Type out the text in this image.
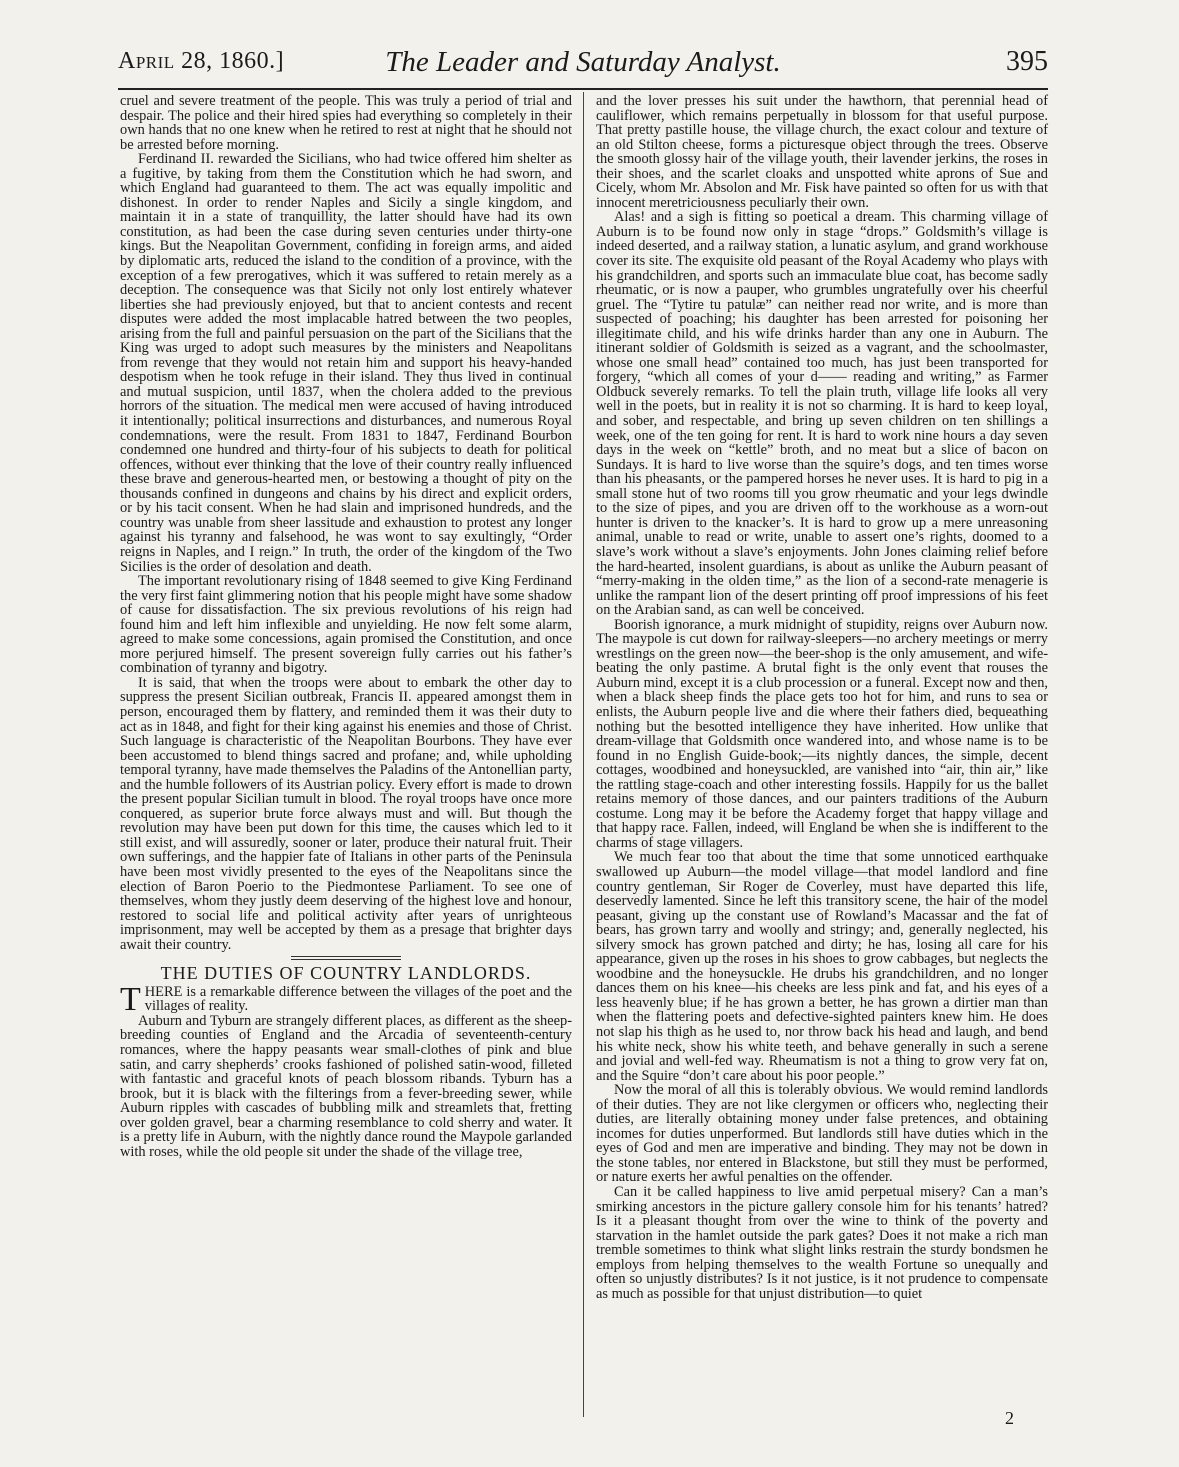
April 28, 1860.]	The Leader and Saturday Analyst.	395

cruel and severe treatment of the people. This was truly a period of trial and despair. The police and their hired spies had everything so completely in their own hands that no one knew when he retired to rest at night that he should not be arrested before morning.

Ferdinand II. rewarded the Sicilians, who had twice offered him shelter as a fugitive, by taking from them the Constitution which he had sworn, and which England had guaranteed to them. The act was equally impolitic and dishonest. In order to render Naples and Sicily a single kingdom, and maintain it in a state of tranquillity, the latter should have had its own constitution, as had been the case during seven centuries under thirty-one kings. But the Neapolitan Government, confiding in foreign arms, and aided by diplomatic arts, reduced the island to the condition of a province, with the exception of a few prerogatives, which it was suffered to retain merely as a deception. The consequence was that Sicily not only lost entirely whatever liberties she had previously enjoyed, but that to ancient contests and recent disputes were added the most implacable hatred between the two peoples, arising from the full and painful persuasion on the part of the Sicilians that the King was urged to adopt such measures by the ministers and Neapolitans from revenge that they would not retain him and support his heavy-handed despotism when he took refuge in their island. They thus lived in continual and mutual suspicion, until 1837, when the cholera added to the previous horrors of the situation. The medical men were accused of having introduced it intentionally; political insurrections and disturbances, and numerous Royal condemnations, were the result. From 1831 to 1847, Ferdinand Bourbon condemned one hundred and thirty-four of his subjects to death for political offences, without ever thinking that the love of their country really influenced these brave and generous-hearted men, or bestowing a thought of pity on the thousands confined in dungeons and chains by his direct and explicit orders, or by his tacit consent. When he had slain and imprisoned hundreds, and the country was unable from sheer lassitude and exhaustion to protest any longer against his tyranny and falsehood, he was wont to say exultingly, “Order reigns in Naples, and I reign.” In truth, the order of the kingdom of the Two Sicilies is the order of desolation and death.

The important revolutionary rising of 1848 seemed to give King Ferdinand the very first faint glimmering notion that his people might have some shadow of cause for dissatisfaction. The six previous revolutions of his reign had found him and left him inflexible and unyielding. He now felt some alarm, agreed to make some concessions, again promised the Constitution, and once more perjured himself. The present sovereign fully carries out his father’s combination of tyranny and bigotry.

It is said, that when the troops were about to embark the other day to suppress the present Sicilian outbreak, Francis II. appeared amongst them in person, encouraged them by flattery, and reminded them it was their duty to act as in 1848, and fight for their king against his enemies and those of Christ. Such language is characteristic of the Neapolitan Bourbons. They have ever been accustomed to blend things sacred and profane; and, while upholding temporal tyranny, have made themselves the Paladins of the Antonellian party, and the humble followers of its Austrian policy. Every effort is made to drown the present popular Sicilian tumult in blood. The royal troops have once more conquered, as superior brute force always must and will. But though the revolution may have been put down for this time, the causes which led to it still exist, and will assuredly, sooner or later, produce their natural fruit. Their own sufferings, and the happier fate of Italians in other parts of the Peninsula have been most vividly presented to the eyes of the Neapolitans since the election of Baron Poerio to the Piedmontese Parliament. To see one of themselves, whom they justly deem deserving of the highest love and honour, restored to social life and political activity after years of unrighteous imprisonment, may well be accepted by them as a presage that brighter days await their country.

THE DUTIES OF COUNTRY LANDLORDS.

THERE is a remarkable difference between the villages of the poet and the villages of reality.

Auburn and Tyburn are strangely different places, as different as the sheep-breeding counties of England and the Arcadia of seventeenth-century romances, where the happy peasants wear small-clothes of pink and blue satin, and carry shepherds’ crooks fashioned of polished satin-wood, filleted with fantastic and graceful knots of peach blossom ribands. Tyburn has a brook, but it is black with the filterings from a fever-breeding sewer, while Auburn ripples with cascades of bubbling milk and streamlets that, fretting over golden gravel, bear a charming resemblance to cold sherry and water. It is a pretty life in Auburn, with the nightly dance round the Maypole garlanded with roses, while the old people sit under the shade of the village tree,

and the lover presses his suit under the hawthorn, that perennial head of cauliflower, which remains perpetually in blossom for that useful purpose. That pretty pastille house, the village church, the exact colour and texture of an old Stilton cheese, forms a picturesque object through the trees. Observe the smooth glossy hair of the village youth, their lavender jerkins, the roses in their shoes, and the scarlet cloaks and unspotted white aprons of Sue and Cicely, whom Mr. Absolon and Mr. Fisk have painted so often for us with that innocent meretriciousness peculiarly their own.

Alas! and a sigh is fitting so poetical a dream. This charming village of Auburn is to be found now only in stage “drops.” Goldsmith’s village is indeed deserted, and a railway station, a lunatic asylum, and grand workhouse cover its site. The exquisite old peasant of the Royal Academy who plays with his grandchildren, and sports such an immaculate blue coat, has become sadly rheumatic, or is now a pauper, who grumbles ungratefully over his cheerful gruel. The “Tytire tu patulæ” can neither read nor write, and is more than suspected of poaching; his daughter has been arrested for poisoning her illegitimate child, and his wife drinks harder than any one in Auburn. The itinerant soldier of Goldsmith is seized as a vagrant, and the schoolmaster, whose one small head” contained too much, has just been transported for forgery, “which all comes of your d—— reading and writing,” as Farmer Oldbuck severely remarks. To tell the plain truth, village life looks all very well in the poets, but in reality it is not so charming. It is hard to keep loyal, and sober, and respectable, and bring up seven children on ten shillings a week, one of the ten going for rent. It is hard to work nine hours a day seven days in the week on “kettle” broth, and no meat but a slice of bacon on Sundays. It is hard to live worse than the squire’s dogs, and ten times worse than his pheasants, or the pampered horses he never uses. It is hard to pig in a small stone hut of two rooms till you grow rheumatic and your legs dwindle to the size of pipes, and you are driven off to the workhouse as a worn-out hunter is driven to the knacker’s. It is hard to grow up a mere unreasoning animal, unable to read or write, unable to assert one’s rights, doomed to a slave’s work without a slave’s enjoyments. John Jones claiming relief before the hard-hearted, insolent guardians, is about as unlike the Auburn peasant of “merry-making in the olden time,” as the lion of a second-rate menagerie is unlike the rampant lion of the desert printing off proof impressions of his feet on the Arabian sand, as can well be conceived.

Boorish ignorance, a murk midnight of stupidity, reigns over Auburn now. The maypole is cut down for railway-sleepers—no archery meetings or merry wrestlings on the green now—the beer-shop is the only amusement, and wife-beating the only pastime. A brutal fight is the only event that rouses the Auburn mind, except it is a club procession or a funeral. Except now and then, when a black sheep finds the place gets too hot for him, and runs to sea or enlists, the Auburn people live and die where their fathers died, bequeathing nothing but the besotted intelligence they have inherited. How unlike that dream-village that Goldsmith once wandered into, and whose name is to be found in no English Guide-book;—its nightly dances, the simple, decent cottages, woodbined and honeysuckled, are vanished into “air, thin air,” like the rattling stage-coach and other interesting fossils. Happily for us the ballet retains memory of those dances, and our painters traditions of the Auburn costume. Long may it be before the Academy forget that happy village and that happy race. Fallen, indeed, will England be when she is indifferent to the charms of stage villagers.

We much fear too that about the time that some unnoticed earthquake swallowed up Auburn—the model village—that model landlord and fine country gentleman, Sir Roger de Coverley, must have departed this life, deservedly lamented. Since he left this transitory scene, the hair of the model peasant, giving up the constant use of Rowland’s Macassar and the fat of bears, has grown tarry and woolly and stringy; and, generally neglected, his silvery smock has grown patched and dirty; he has, losing all care for his appearance, given up the roses in his shoes to grow cabbages, but neglects the woodbine and the honeysuckle. He drubs his grandchildren, and no longer dances them on his knee—his cheeks are less pink and fat, and his eyes of a less heavenly blue; if he has grown a better, he has grown a dirtier man than when the flattering poets and defective-sighted painters knew him. He does not slap his thigh as he used to, nor throw back his head and laugh, and bend his white neck, show his white teeth, and behave generally in such a serene and jovial and well-fed way. Rheumatism is not a thing to grow very fat on, and the Squire “don’t care about his poor people.”

Now the moral of all this is tolerably obvious. We would remind landlords of their duties. They are not like clergymen or officers who, neglecting their duties, are literally obtaining money under false pretences, and obtaining incomes for duties unperformed. But landlords still have duties which in the eyes of God and men are imperative and binding. They may not be down in the stone tables, nor entered in Blackstone, but still they must be performed, or nature exerts her awful penalties on the offender.

Can it be called happiness to live amid perpetual misery? Can a man’s smirking ancestors in the picture gallery console him for his tenants’ hatred? Is it a pleasant thought from over the wine to think of the poverty and starvation in the hamlet outside the park gates? Does it not make a rich man tremble sometimes to think what slight links restrain the sturdy bondsmen he employs from helping themselves to the wealth Fortune so unequally and often so unjustly distributes? Is it not justice, is it not prudence to compensate as much as possible for that unjust distribution—to quiet

2
